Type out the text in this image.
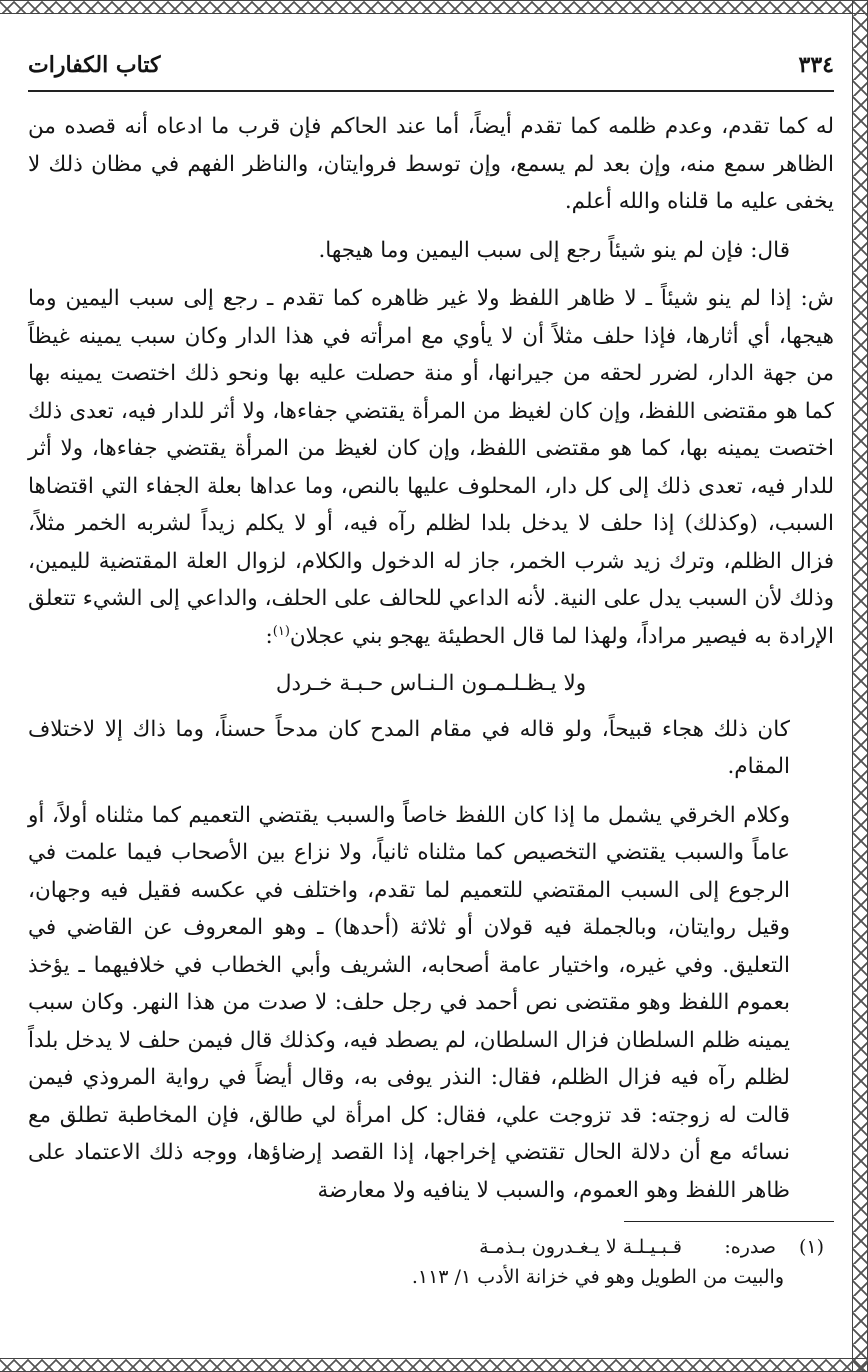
٣٣٤
كتاب الكفارات

له كما تقدم، وعدم ظلمه كما تقدم أيضاً، أما عند الحاكم فإن قرب ما ادعاه أنه قصده من الظاهر سمع منه، وإن بعد لم يسمع، وإن توسط فروايتان، والناظر الفهم في مظان ذلك لا يخفى عليه ما قلناه والله أعلم.

قال: فإن لم ينو شيئاً رجع إلى سبب اليمين وما هيجها.

ش: إذا لم ينو شيئاً ـ لا ظاهر اللفظ ولا غير ظاهره كما تقدم ـ رجع إلى سبب اليمين وما هيجها، أي أثارها، فإذا حلف مثلاً أن لا يأوي مع امرأته في هذا الدار وكان سبب يمينه غيظاً من جهة الدار، لضرر لحقه من جيرانها، أو منة حصلت عليه بها ونحو ذلك اختصت يمينه بها كما هو مقتضى اللفظ، وإن كان لغيظ من المرأة يقتضي جفاءها، ولا أثر للدار فيه، تعدى ذلك اختصت يمينه بها، كما هو مقتضى اللفظ، وإن كان لغيظ من المرأة يقتضي جفاءها، ولا أثر للدار فيه، تعدى ذلك إلى كل دار، المحلوف عليها بالنص، وما عداها بعلة الجفاء التي اقتضاها السبب، (وكذلك) إذا حلف لا يدخل بلدا لظلم رآه فيه، أو لا يكلم زيداً لشربه الخمر مثلاً، فزال الظلم، وترك زيد شرب الخمر، جاز له الدخول والكلام، لزوال العلة المقتضية لليمين، وذلك لأن السبب يدل على النية. لأنه الداعي للحالف على الحلف، والداعي إلى الشيء تتعلق الإرادة به فيصير مراداً، ولهذا لما قال الحطيئة يهجو بني عجلان$^{(١)}$:

ولا يـظـلـمـون الـنـاس حـبـة خـردل

كان ذلك هجاء قبيحاً، ولو قاله في مقام المدح كان مدحاً حسناً، وما ذاك إلا لاختلاف المقام.

وكلام الخرقي يشمل ما إذا كان اللفظ خاصاً والسبب يقتضي التعميم كما مثلناه أولاً، أو عاماً والسبب يقتضي التخصيص كما مثلناه ثانياً، ولا نزاع بين الأصحاب فيما علمت في الرجوع إلى السبب المقتضي للتعميم لما تقدم، واختلف في عكسه فقيل فيه وجهان، وقيل روايتان، وبالجملة فيه قولان أو ثلاثة (أحدها) ـ وهو المعروف عن القاضي في التعليق. وفي غيره، واختيار عامة أصحابه، الشريف وأبي الخطاب في خلافيهما ـ يؤخذ بعموم اللفظ وهو مقتضى نص أحمد في رجل حلف: لا صدت من هذا النهر. وكان سبب يمينه ظلم السلطان فزال السلطان، لم يصطد فيه، وكذلك قال فيمن حلف لا يدخل بلداً لظلم رآه فيه فزال الظلم، فقال: النذر يوفى به، وقال أيضاً في رواية المروذي فيمن قالت له زوجته: قد تزوجت علي، فقال: كل امرأة لي طالق، فإن المخاطبة تطلق مع نسائه مع أن دلالة الحال تقتضي إخراجها، إذا القصد إرضاؤها، ووجه ذلك الاعتماد على ظاهر اللفظ وهو العموم، والسبب لا ينافيه ولا معارضة

(١)
صدره:
قـبـيـلـة لا يـغـدرون بـذمـة
والبيت من الطويل وهو في خزانة الأدب ١/ ١١٣.
